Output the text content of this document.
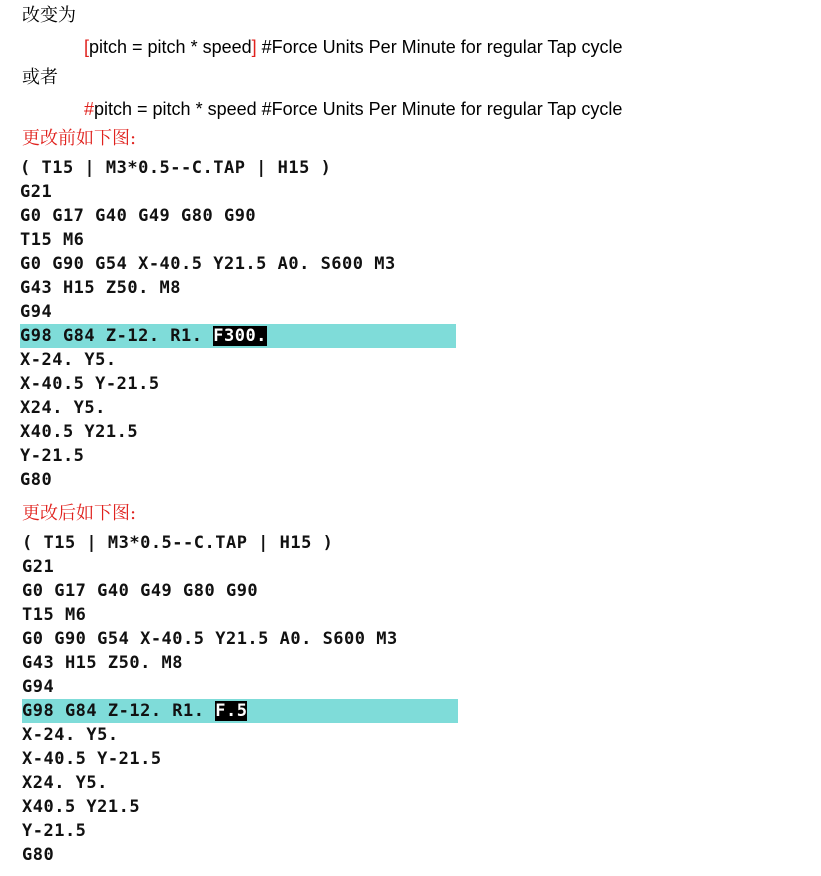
改变为
[pitch = pitch * speed] #Force Units Per Minute for regular Tap cycle
或者
#pitch = pitch * speed #Force Units Per Minute for regular Tap cycle
更改前如下图:
( T15 | M3*0.5--C.TAP | H15 )
G21
G0 G17 G40 G49 G80 G90
T15 M6
G0 G90 G54 X-40.5 Y21.5 A0. S600 M3
G43 H15 Z50. M8
G94
G98 G84 Z-12. R1. F300.
X-24. Y5.
X-40.5 Y-21.5
X24. Y5.
X40.5 Y21.5
Y-21.5
G80
更改后如下图:
( T15 | M3*0.5--C.TAP | H15 )
G21
G0 G17 G40 G49 G80 G90
T15 M6
G0 G90 G54 X-40.5 Y21.5 A0. S600 M3
G43 H15 Z50. M8
G94
G98 G84 Z-12. R1. F.5
X-24. Y5.
X-40.5 Y-21.5
X24. Y5.
X40.5 Y21.5
Y-21.5
G80
